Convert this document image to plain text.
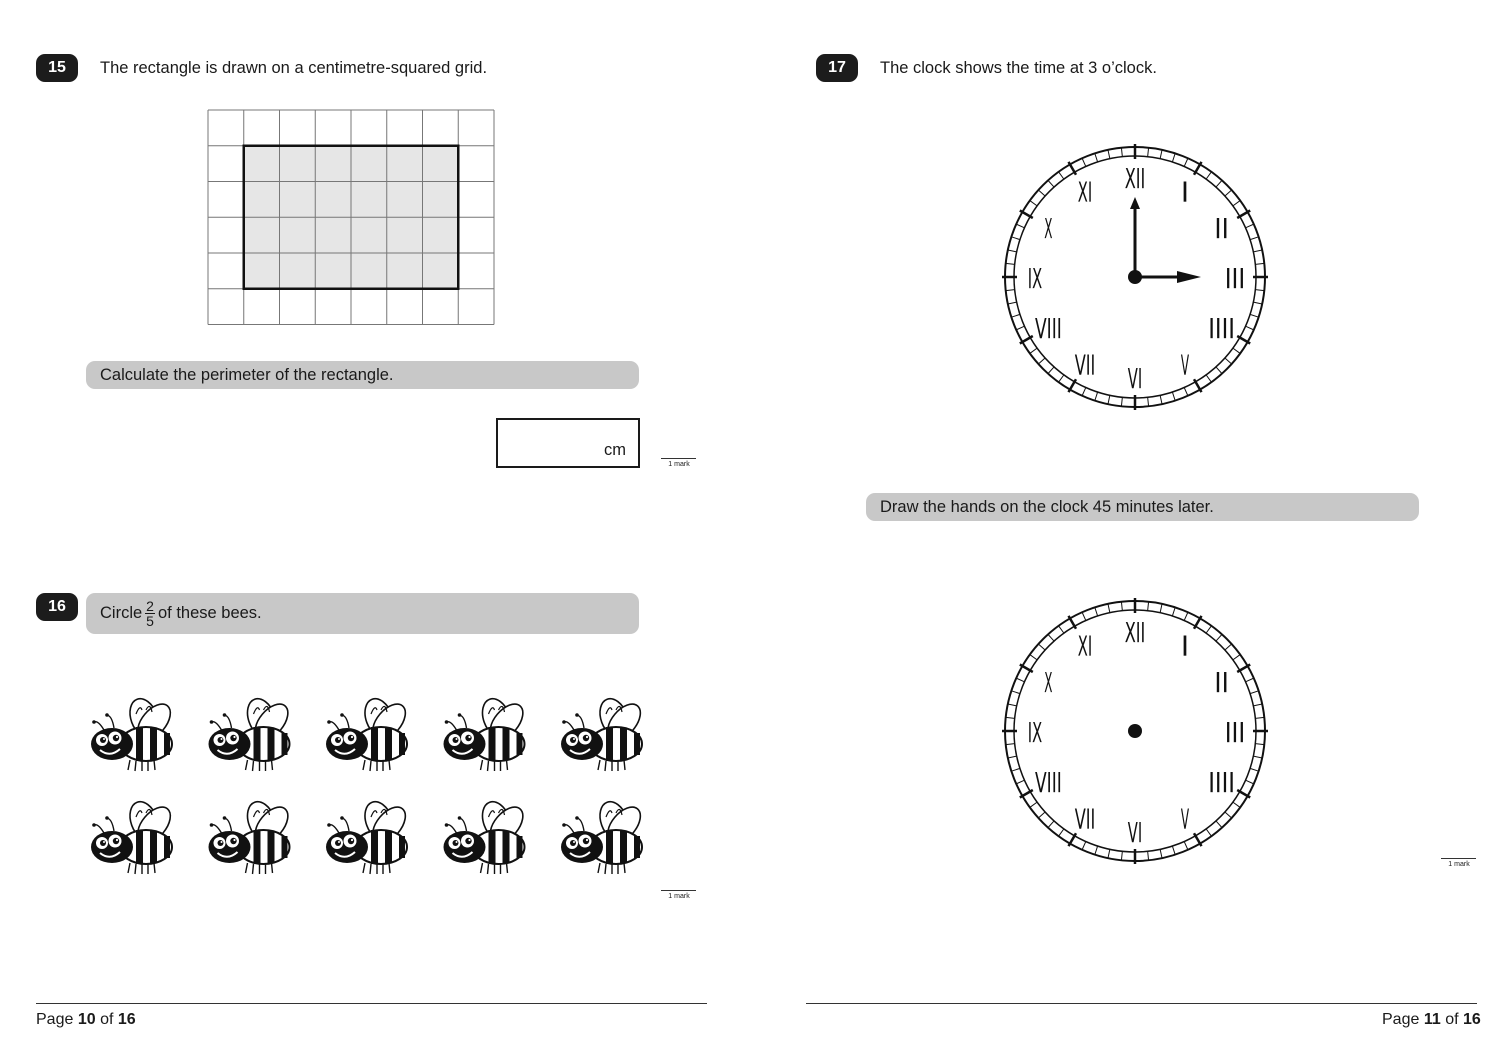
15	The rectangle is drawn on a centimetre-squared grid.
Calculate the perimeter of the rectangle.
cm
1 mark
16	Circle $\frac{2}{5}$ of these bees.
1 mark
Page 10 of 16
17	The clock shows the time at 3 o’clock.
XII I
II
III
IIII
V
VI
VII
VIII
IX
X
XI
Draw the hands on the clock 45 minutes later.
XII I
II
III
IIII
V
VI
VII
VIII
IX
X
XI
1 mark
Page 11 of 16
